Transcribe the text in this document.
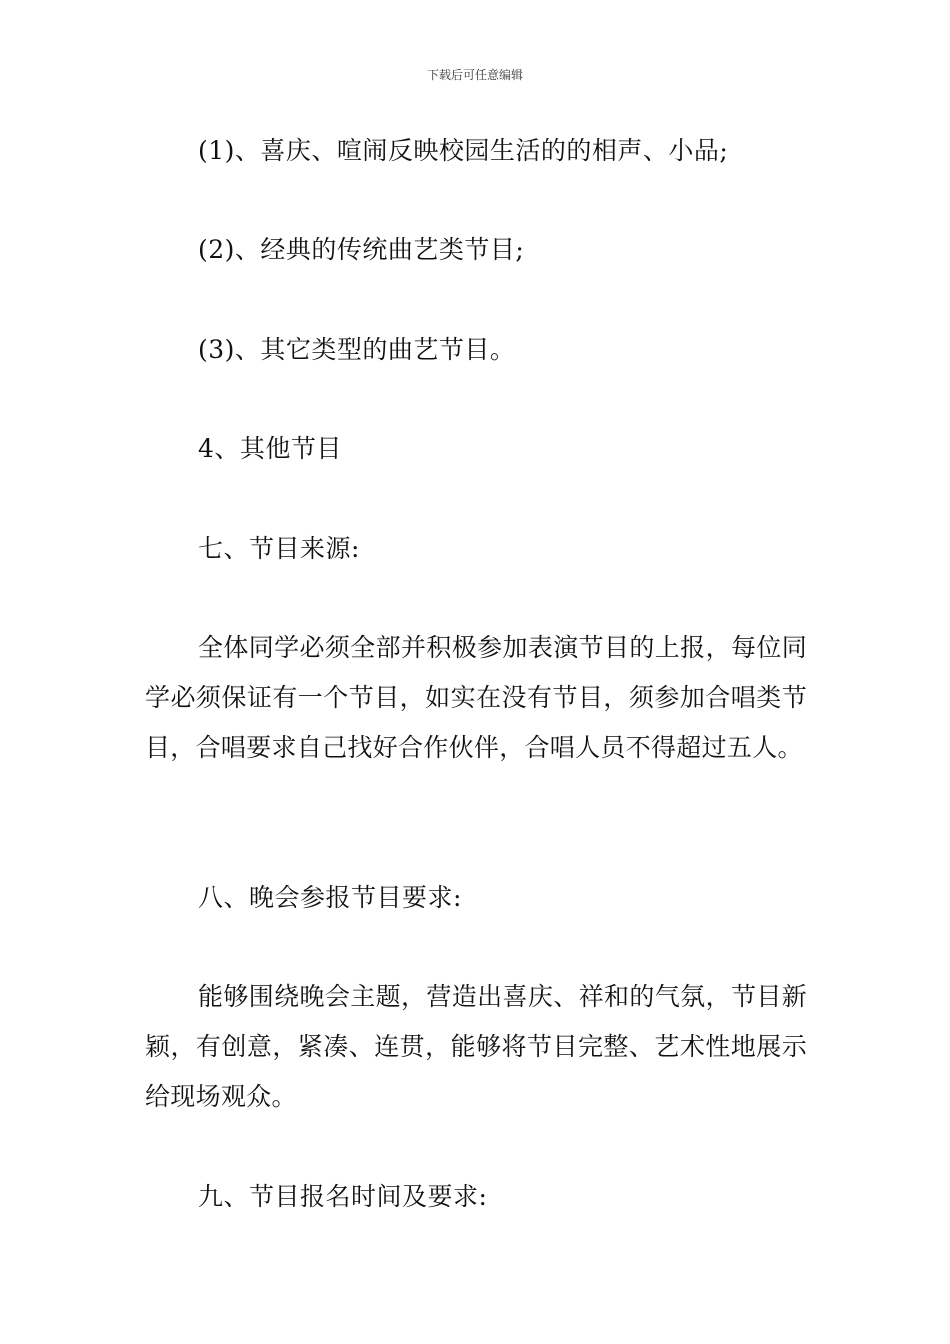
下载后可任意编辑
(1)、喜庆、喧闹反映校园生活的的相声、小品;
(2)、经典的传统曲艺类节目;
(3)、其它类型的曲艺节目。
4、其他节目
七、节目来源:
全体同学必须全部并积极参加表演节目的上报，每位同学必须保证有一个节目，如实在没有节目，须参加合唱类节目，合唱要求自己找好合作伙伴，合唱人员不得超过五人。
八、晚会参报节目要求:
能够围绕晚会主题，营造出喜庆、祥和的气氛，节目新颖，有创意，紧凑、连贯，能够将节目完整、艺术性地展示给现场观众。
九、节目报名时间及要求:
